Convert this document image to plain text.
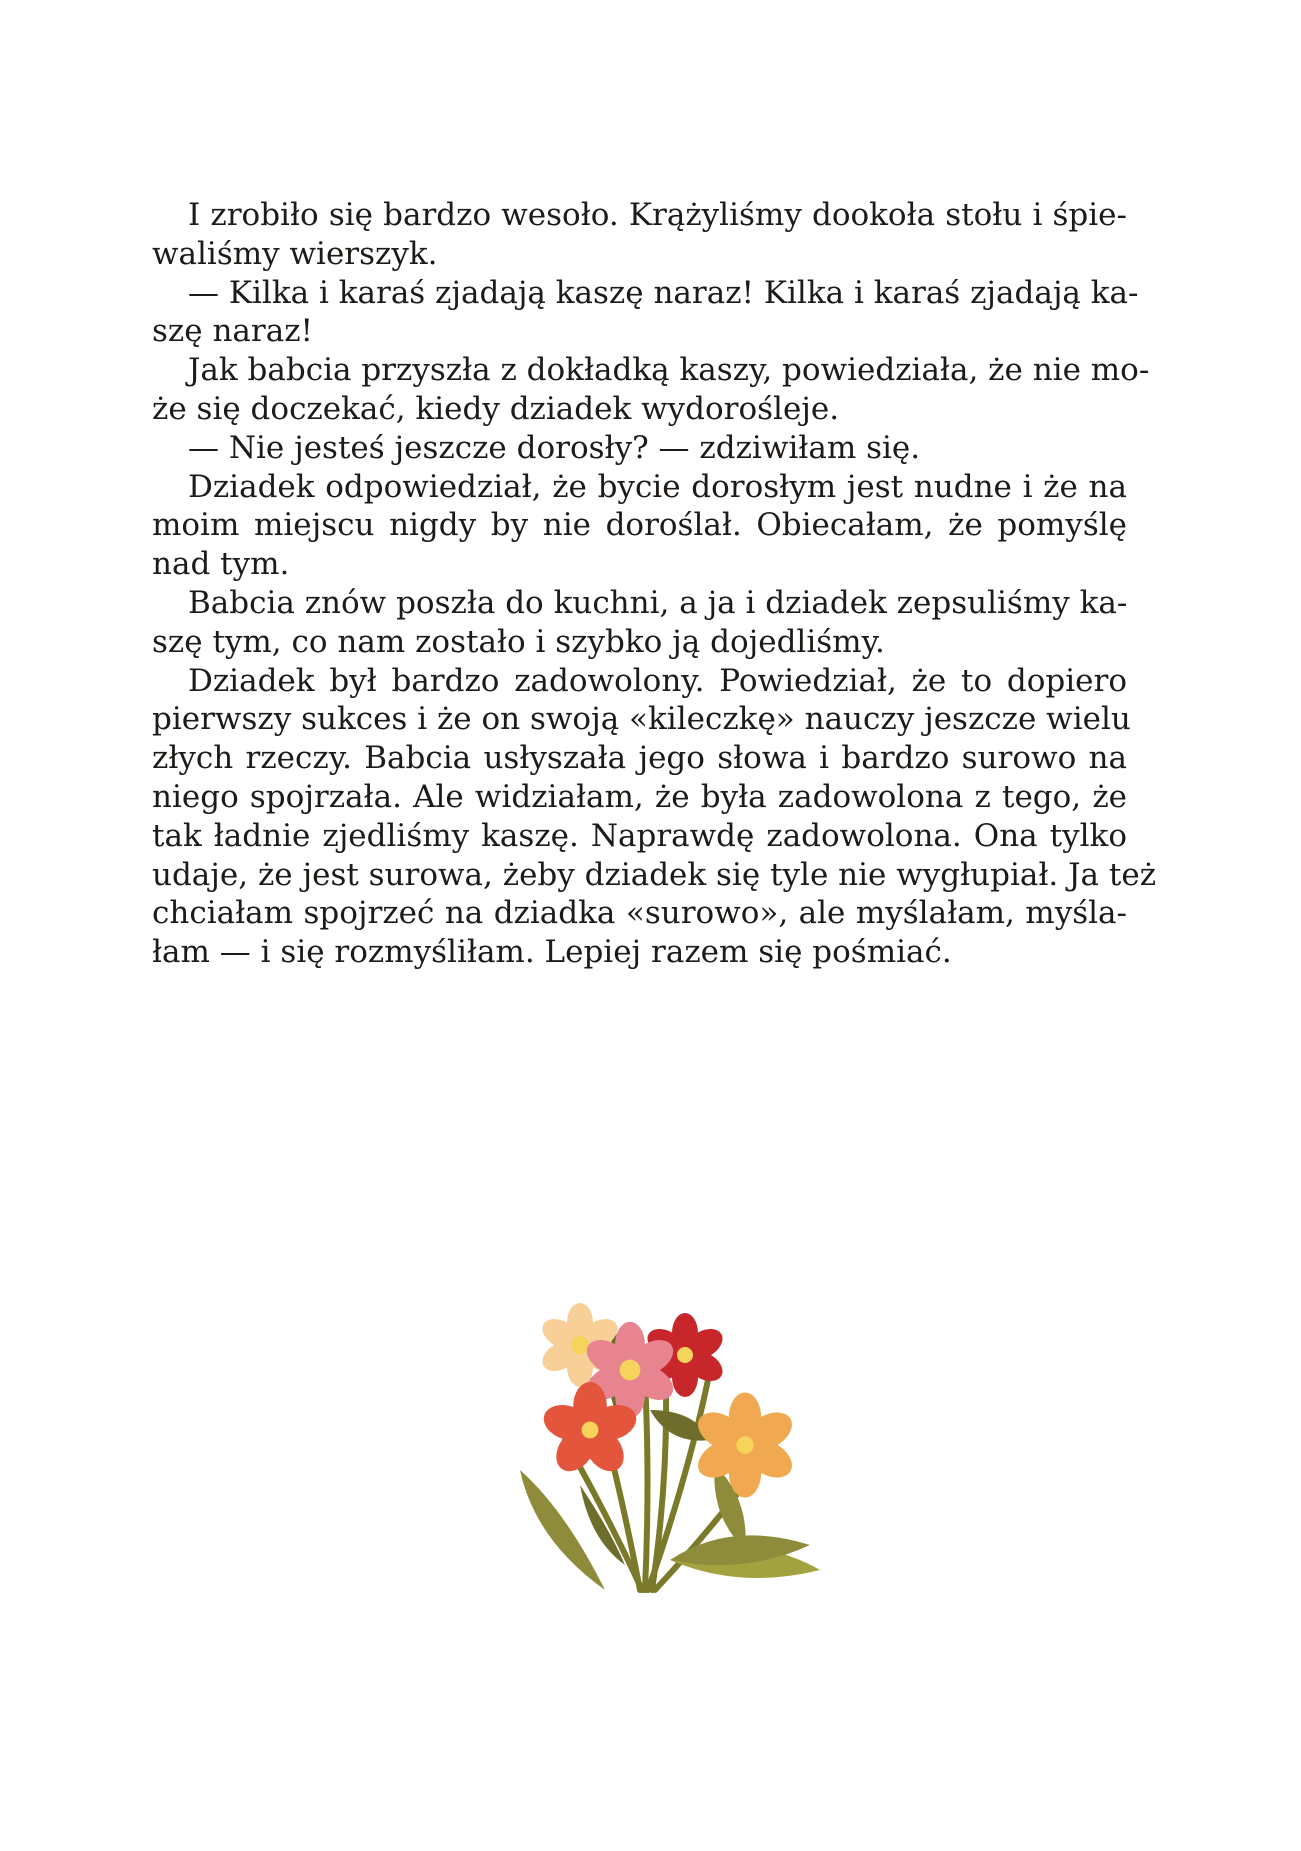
I zrobiło się bardzo wesoło. Krążyliśmy dookoła stołu i śpie-
waliśmy wierszyk.
— Kilka i karaś zjadają kaszę naraz! Kilka i karaś zjadają ka-
szę naraz!
Jak babcia przyszła z dokładką kaszy, powiedziała, że nie mo-
że się doczekać, kiedy dziadek wydoroślеje.
— Nie jesteś jeszcze dorosły? — zdziwiłam się.
Dziadek odpowiedział, że bycie dorosłym jest nudne i że na
moim miejscu nigdy by nie doroślał. Obiecałam, że pomyślę
nad tym.
Babcia znów poszła do kuchni, a ja i dziadek zepsuliśmy ka-
szę tym, co nam zostało i szybko ją dojedliśmy.
Dziadek był bardzo zadowolony. Powiedział, że to dopiero
pierwszy sukces i że on swoją «kileczkę» nauczy jeszcze wielu
złych rzeczy. Babcia usłyszała jego słowa i bardzo surowo na
niego spojrzała. Ale widziałam, że była zadowolona z tego, że
tak ładnie zjedliśmy kaszę. Naprawdę zadowolona. Ona tylko
udaje, że jest surowa, żeby dziadek się tyle nie wygłupiał. Ja też
chciałam spojrzeć na dziadka «surowo», ale myślałam, myśla-
łam — i się rozmyśliłam. Lepiej razem się pośmiać.
